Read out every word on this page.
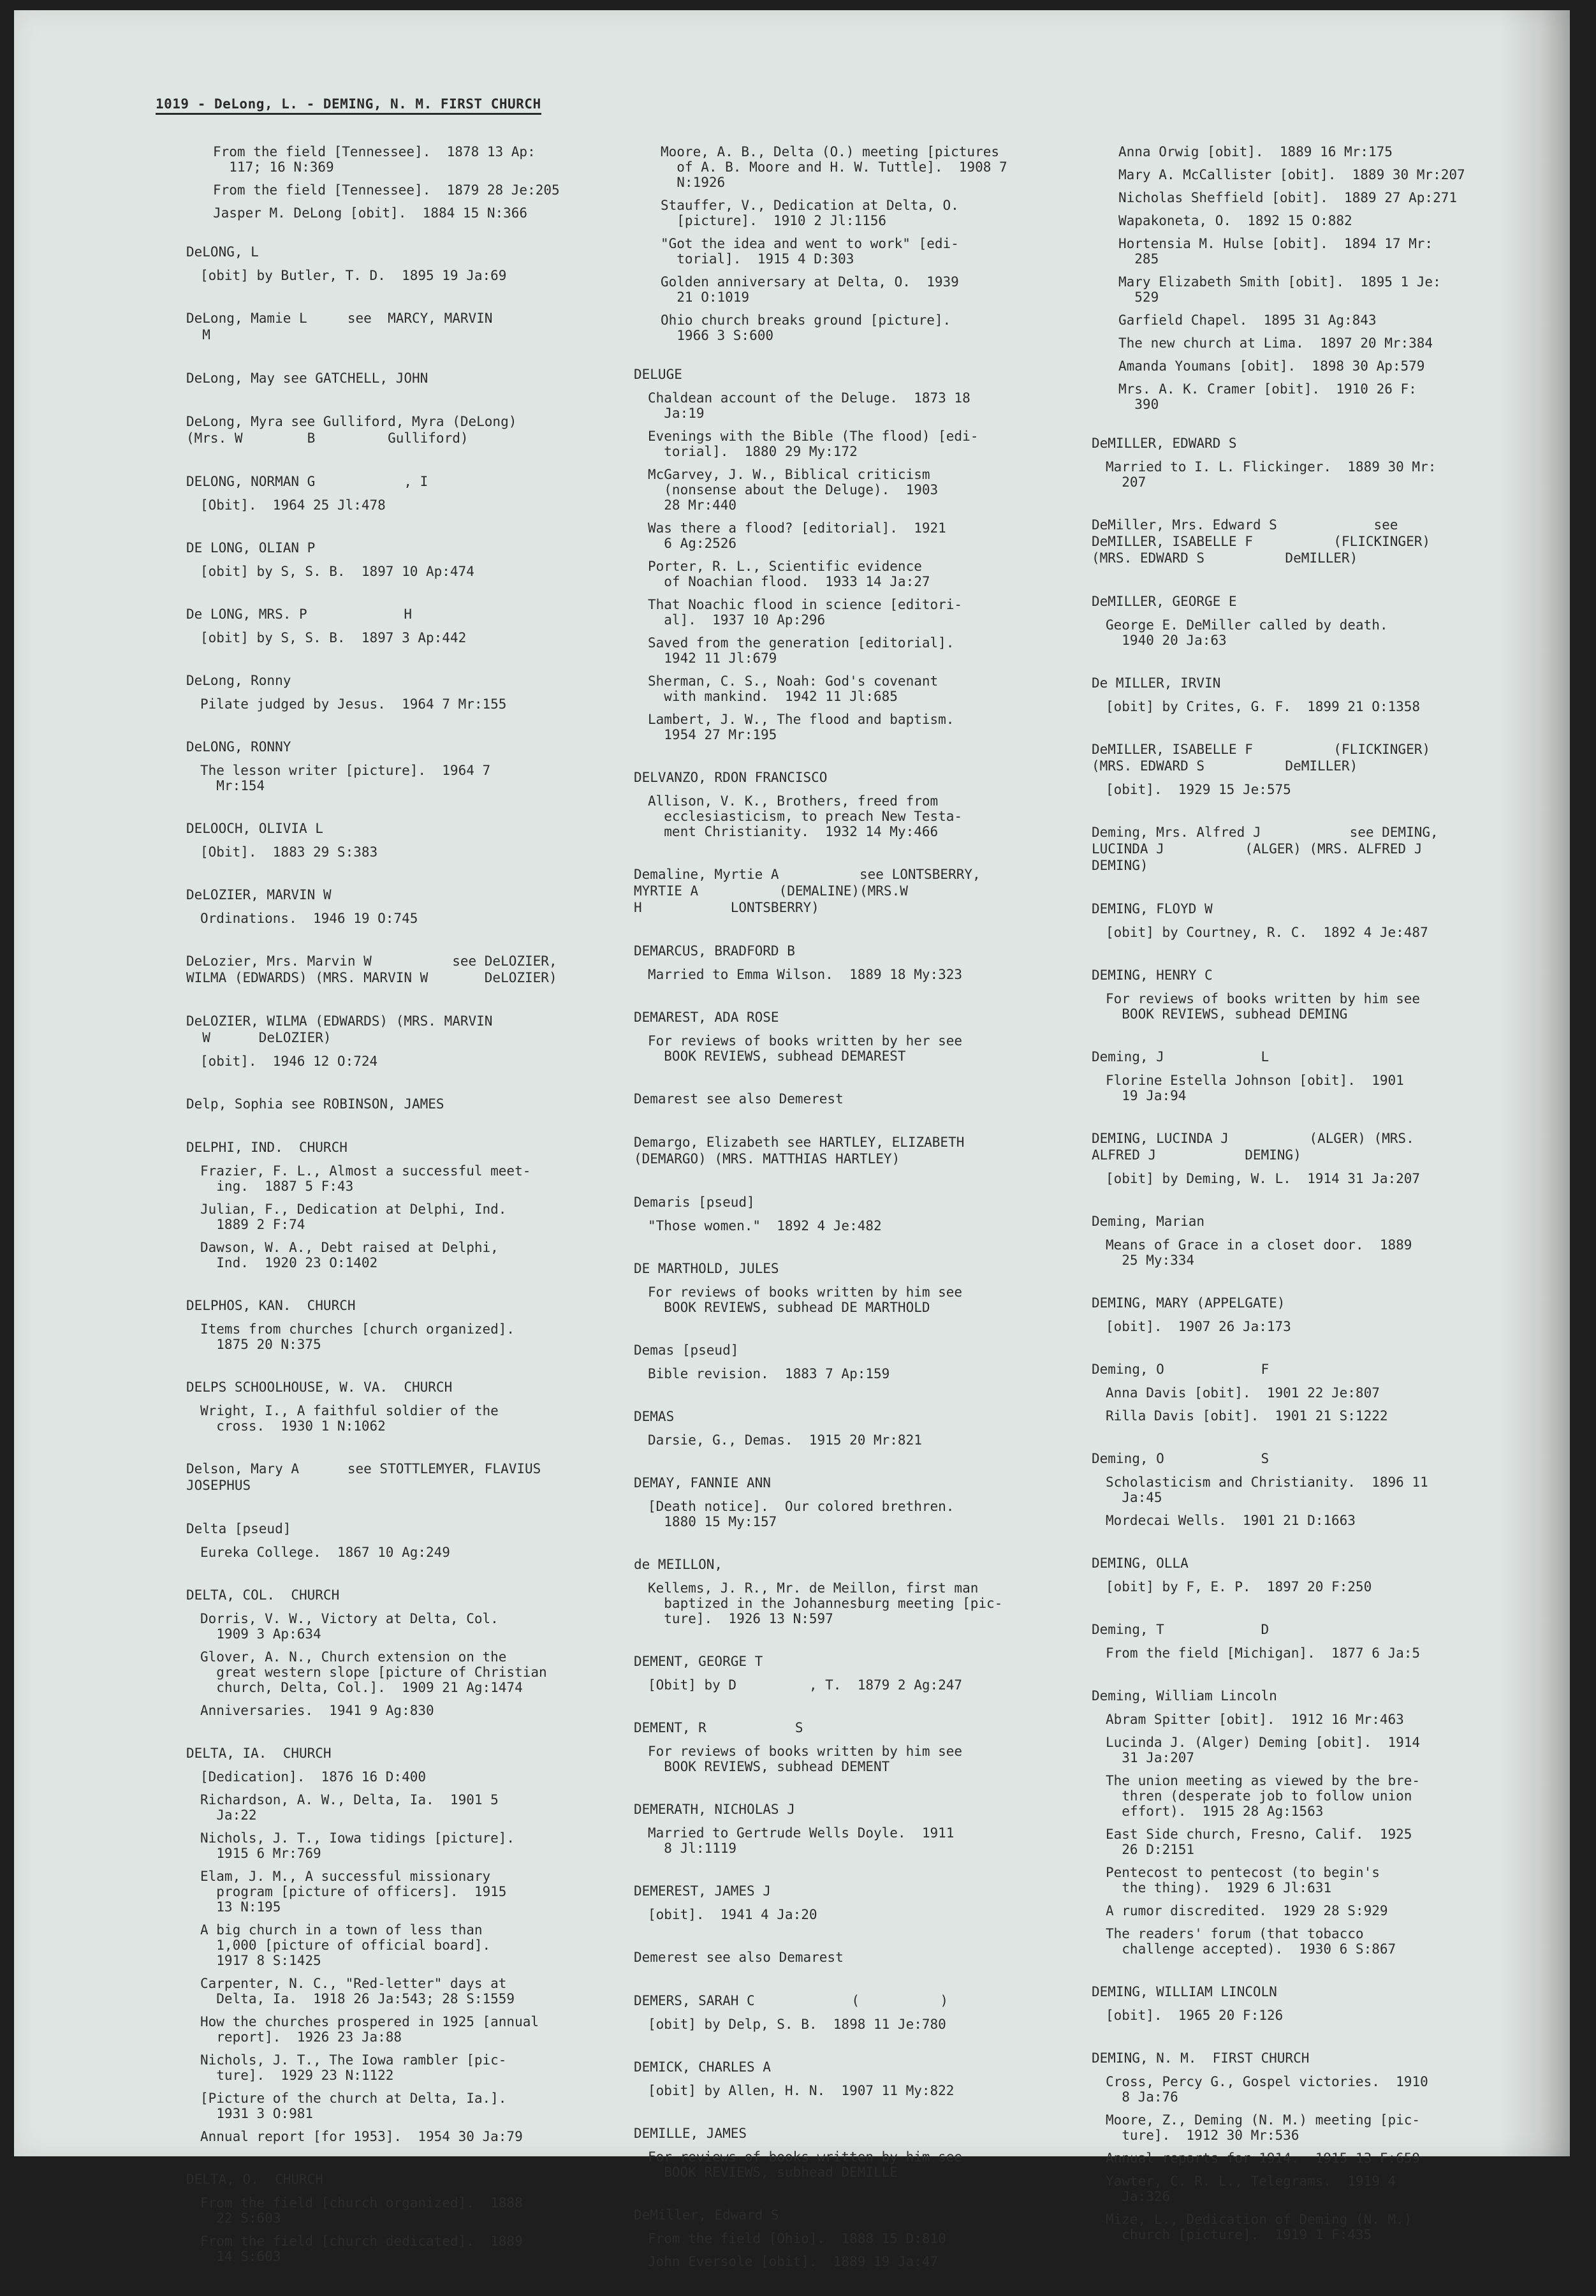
1019 - DeLong, L. - DEMING, N. M. FIRST CHURCH
From the field [Tennessee].  1878 13 Ap:
117; 16 N:369
From the field [Tennessee].  1879 28 Je:205
Jasper M. DeLong [obit].  1884 15 N:366
DeLONG, L
[obit] by Butler, T. D.  1895 19 Ja:69
DeLong, Mamie L     see  MARCY, MARVIN
M
DeLong, May see GATCHELL, JOHN
DeLong, Myra see Gulliford, Myra (DeLong)
(Mrs. W        B         Gulliford)
DELONG, NORMAN G           , I
[Obit].  1964 25 Jl:478
DE LONG, OLIAN P
[obit] by S, S. B.  1897 10 Ap:474
De LONG, MRS. P            H
[obit] by S, S. B.  1897 3 Ap:442
DeLong, Ronny
Pilate judged by Jesus.  1964 7 Mr:155
DeLONG, RONNY
The lesson writer [picture].  1964 7
Mr:154
DELOOCH, OLIVIA L
[Obit].  1883 29 S:383
DeLOZIER, MARVIN W
Ordinations.  1946 19 O:745
DeLozier, Mrs. Marvin W          see DeLOZIER,
WILMA (EDWARDS) (MRS. MARVIN W       DeLOZIER)
DeLOZIER, WILMA (EDWARDS) (MRS. MARVIN
W      DeLOZIER)
[obit].  1946 12 O:724
Delp, Sophia see ROBINSON, JAMES
DELPHI, IND.  CHURCH
Frazier, F. L., Almost a successful meet-
ing.  1887 5 F:43
Julian, F., Dedication at Delphi, Ind.
1889 2 F:74
Dawson, W. A., Debt raised at Delphi,
Ind.  1920 23 O:1402
DELPHOS, KAN.  CHURCH
Items from churches [church organized].
1875 20 N:375
DELPS SCHOOLHOUSE, W. VA.  CHURCH
Wright, I., A faithful soldier of the
cross.  1930 1 N:1062
Delson, Mary A      see STOTTLEMYER, FLAVIUS
JOSEPHUS
Delta [pseud]
Eureka College.  1867 10 Ag:249
DELTA, COL.  CHURCH
Dorris, V. W., Victory at Delta, Col.
1909 3 Ap:634
Glover, A. N., Church extension on the
great western slope [picture of Christian
church, Delta, Col.].  1909 21 Ag:1474
Anniversaries.  1941 9 Ag:830
DELTA, IA.  CHURCH
[Dedication].  1876 16 D:400
Richardson, A. W., Delta, Ia.  1901 5
Ja:22
Nichols, J. T., Iowa tidings [picture].
1915 6 Mr:769
Elam, J. M., A successful missionary
program [picture of officers].  1915
13 N:195
A big church in a town of less than
1,000 [picture of official board].
1917 8 S:1425
Carpenter, N. C., "Red-letter" days at
Delta, Ia.  1918 26 Ja:543; 28 S:1559
How the churches prospered in 1925 [annual
report].  1926 23 Ja:88
Nichols, J. T., The Iowa rambler [pic-
ture].  1929 23 N:1122
[Picture of the church at Delta, Ia.].
1931 3 O:981
Annual report [for 1953].  1954 30 Ja:79
DELTA, O.  CHURCH
From the field [church organized].  1888
22 S:603
From the field [church dedicated].  1889
14 S:603
Moore, A. B., Delta (O.) meeting [pictures
of A. B. Moore and H. W. Tuttle].  1908 7
N:1926
Stauffer, V., Dedication at Delta, O.
[picture].  1910 2 Jl:1156
"Got the idea and went to work" [edi-
torial].  1915 4 D:303
Golden anniversary at Delta, O.  1939
21 O:1019
Ohio church breaks ground [picture].
1966 3 S:600
DELUGE
Chaldean account of the Deluge.  1873 18
Ja:19
Evenings with the Bible (The flood) [edi-
torial].  1880 29 My:172
McGarvey, J. W., Biblical criticism
(nonsense about the Deluge).  1903
28 Mr:440
Was there a flood? [editorial].  1921
6 Ag:2526
Porter, R. L., Scientific evidence
of Noachian flood.  1933 14 Ja:27
That Noachic flood in science [editori-
al].  1937 10 Ap:296
Saved from the generation [editorial].
1942 11 Jl:679
Sherman, C. S., Noah: God's covenant
with mankind.  1942 11 Jl:685
Lambert, J. W., The flood and baptism.
1954 27 Mr:195
DELVANZO, RDON FRANCISCO
Allison, V. K., Brothers, freed from
ecclesiasticism, to preach New Testa-
ment Christianity.  1932 14 My:466
Demaline, Myrtie A          see LONTSBERRY,
MYRTIE A          (DEMALINE)(MRS.W
H           LONTSBERRY)
DEMARCUS, BRADFORD B
Married to Emma Wilson.  1889 18 My:323
DEMAREST, ADA ROSE
For reviews of books written by her see
BOOK REVIEWS, subhead DEMAREST
Demarest see also Demerest
Demargo, Elizabeth see HARTLEY, ELIZABETH
(DEMARGO) (MRS. MATTHIAS HARTLEY)
Demaris [pseud]
"Those women."  1892 4 Je:482
DE MARTHOLD, JULES
For reviews of books written by him see
BOOK REVIEWS, subhead DE MARTHOLD
Demas [pseud]
Bible revision.  1883 7 Ap:159
DEMAS
Darsie, G., Demas.  1915 20 Mr:821
DEMAY, FANNIE ANN
[Death notice].  Our colored brethren.
1880 15 My:157
de MEILLON,
Kellems, J. R., Mr. de Meillon, first man
baptized in the Johannesburg meeting [pic-
ture].  1926 13 N:597
DEMENT, GEORGE T
[Obit] by D         , T.  1879 2 Ag:247
DEMENT, R           S
For reviews of books written by him see
BOOK REVIEWS, subhead DEMENT
DEMERATH, NICHOLAS J
Married to Gertrude Wells Doyle.  1911
8 Jl:1119
DEMEREST, JAMES J
[obit].  1941 4 Ja:20
Demerest see also Demarest
DEMERS, SARAH C            (          )
[obit] by Delp, S. B.  1898 11 Je:780
DEMICK, CHARLES A
[obit] by Allen, H. N.  1907 11 My:822
DEMILLE, JAMES
For reviews of books written by him see
BOOK REVIEWS, subhead DEMILLE
DeMiller, Edward S
From the field [Ohio].  1888 15 D:810
John Eversole [obit].  1889 19 Ja:47
Anna Orwig [obit].  1889 16 Mr:175
Mary A. McCallister [obit].  1889 30 Mr:207
Nicholas Sheffield [obit].  1889 27 Ap:271
Wapakoneta, O.  1892 15 O:882
Hortensia M. Hulse [obit].  1894 17 Mr:
285
Mary Elizabeth Smith [obit].  1895 1 Je:
529
Garfield Chapel.  1895 31 Ag:843
The new church at Lima.  1897 20 Mr:384
Amanda Youmans [obit].  1898 30 Ap:579
Mrs. A. K. Cramer [obit].  1910 26 F:
390
DeMILLER, EDWARD S
Married to I. L. Flickinger.  1889 30 Mr:
207
DeMiller, Mrs. Edward S            see
DeMILLER, ISABELLE F          (FLICKINGER)
(MRS. EDWARD S          DeMILLER)
DeMILLER, GEORGE E
George E. DeMiller called by death.
1940 20 Ja:63
De MILLER, IRVIN
[obit] by Crites, G. F.  1899 21 O:1358
DeMILLER, ISABELLE F          (FLICKINGER)
(MRS. EDWARD S          DeMILLER)
[obit].  1929 15 Je:575
Deming, Mrs. Alfred J           see DEMING,
LUCINDA J          (ALGER) (MRS. ALFRED J
DEMING)
DEMING, FLOYD W
[obit] by Courtney, R. C.  1892 4 Je:487
DEMING, HENRY C
For reviews of books written by him see
BOOK REVIEWS, subhead DEMING
Deming, J            L
Florine Estella Johnson [obit].  1901
19 Ja:94
DEMING, LUCINDA J          (ALGER) (MRS.
ALFRED J           DEMING)
[obit] by Deming, W. L.  1914 31 Ja:207
Deming, Marian
Means of Grace in a closet door.  1889
25 My:334
DEMING, MARY (APPELGATE)
[obit].  1907 26 Ja:173
Deming, O            F
Anna Davis [obit].  1901 22 Je:807
Rilla Davis [obit].  1901 21 S:1222
Deming, O            S
Scholasticism and Christianity.  1896 11
Ja:45
Mordecai Wells.  1901 21 D:1663
DEMING, OLLA
[obit] by F, E. P.  1897 20 F:250
Deming, T            D
From the field [Michigan].  1877 6 Ja:5
Deming, William Lincoln
Abram Spitter [obit].  1912 16 Mr:463
Lucinda J. (Alger) Deming [obit].  1914
31 Ja:207
The union meeting as viewed by the bre-
thren (desperate job to follow union
effort).  1915 28 Ag:1563
East Side church, Fresno, Calif.  1925
26 D:2151
Pentecost to pentecost (to begin's
the thing).  1929 6 Jl:631
A rumor discredited.  1929 28 S:929
The readers' forum (that tobacco
challenge accepted).  1930 6 S:867
DEMING, WILLIAM LINCOLN
[obit].  1965 20 F:126
DEMING, N. M.  FIRST CHURCH
Cross, Percy G., Gospel victories.  1910
8 Ja:76
Moore, Z., Deming (N. M.) meeting [pic-
ture].  1912 30 Mr:536
Annual reports for 1914.  1915 13 F:659
Yawter, C. R. L., Telegrams.  1919 4
Ja:326
Mize, L., Dedication of Deming (N. M.)
church [picture].  1919 1 F:435
